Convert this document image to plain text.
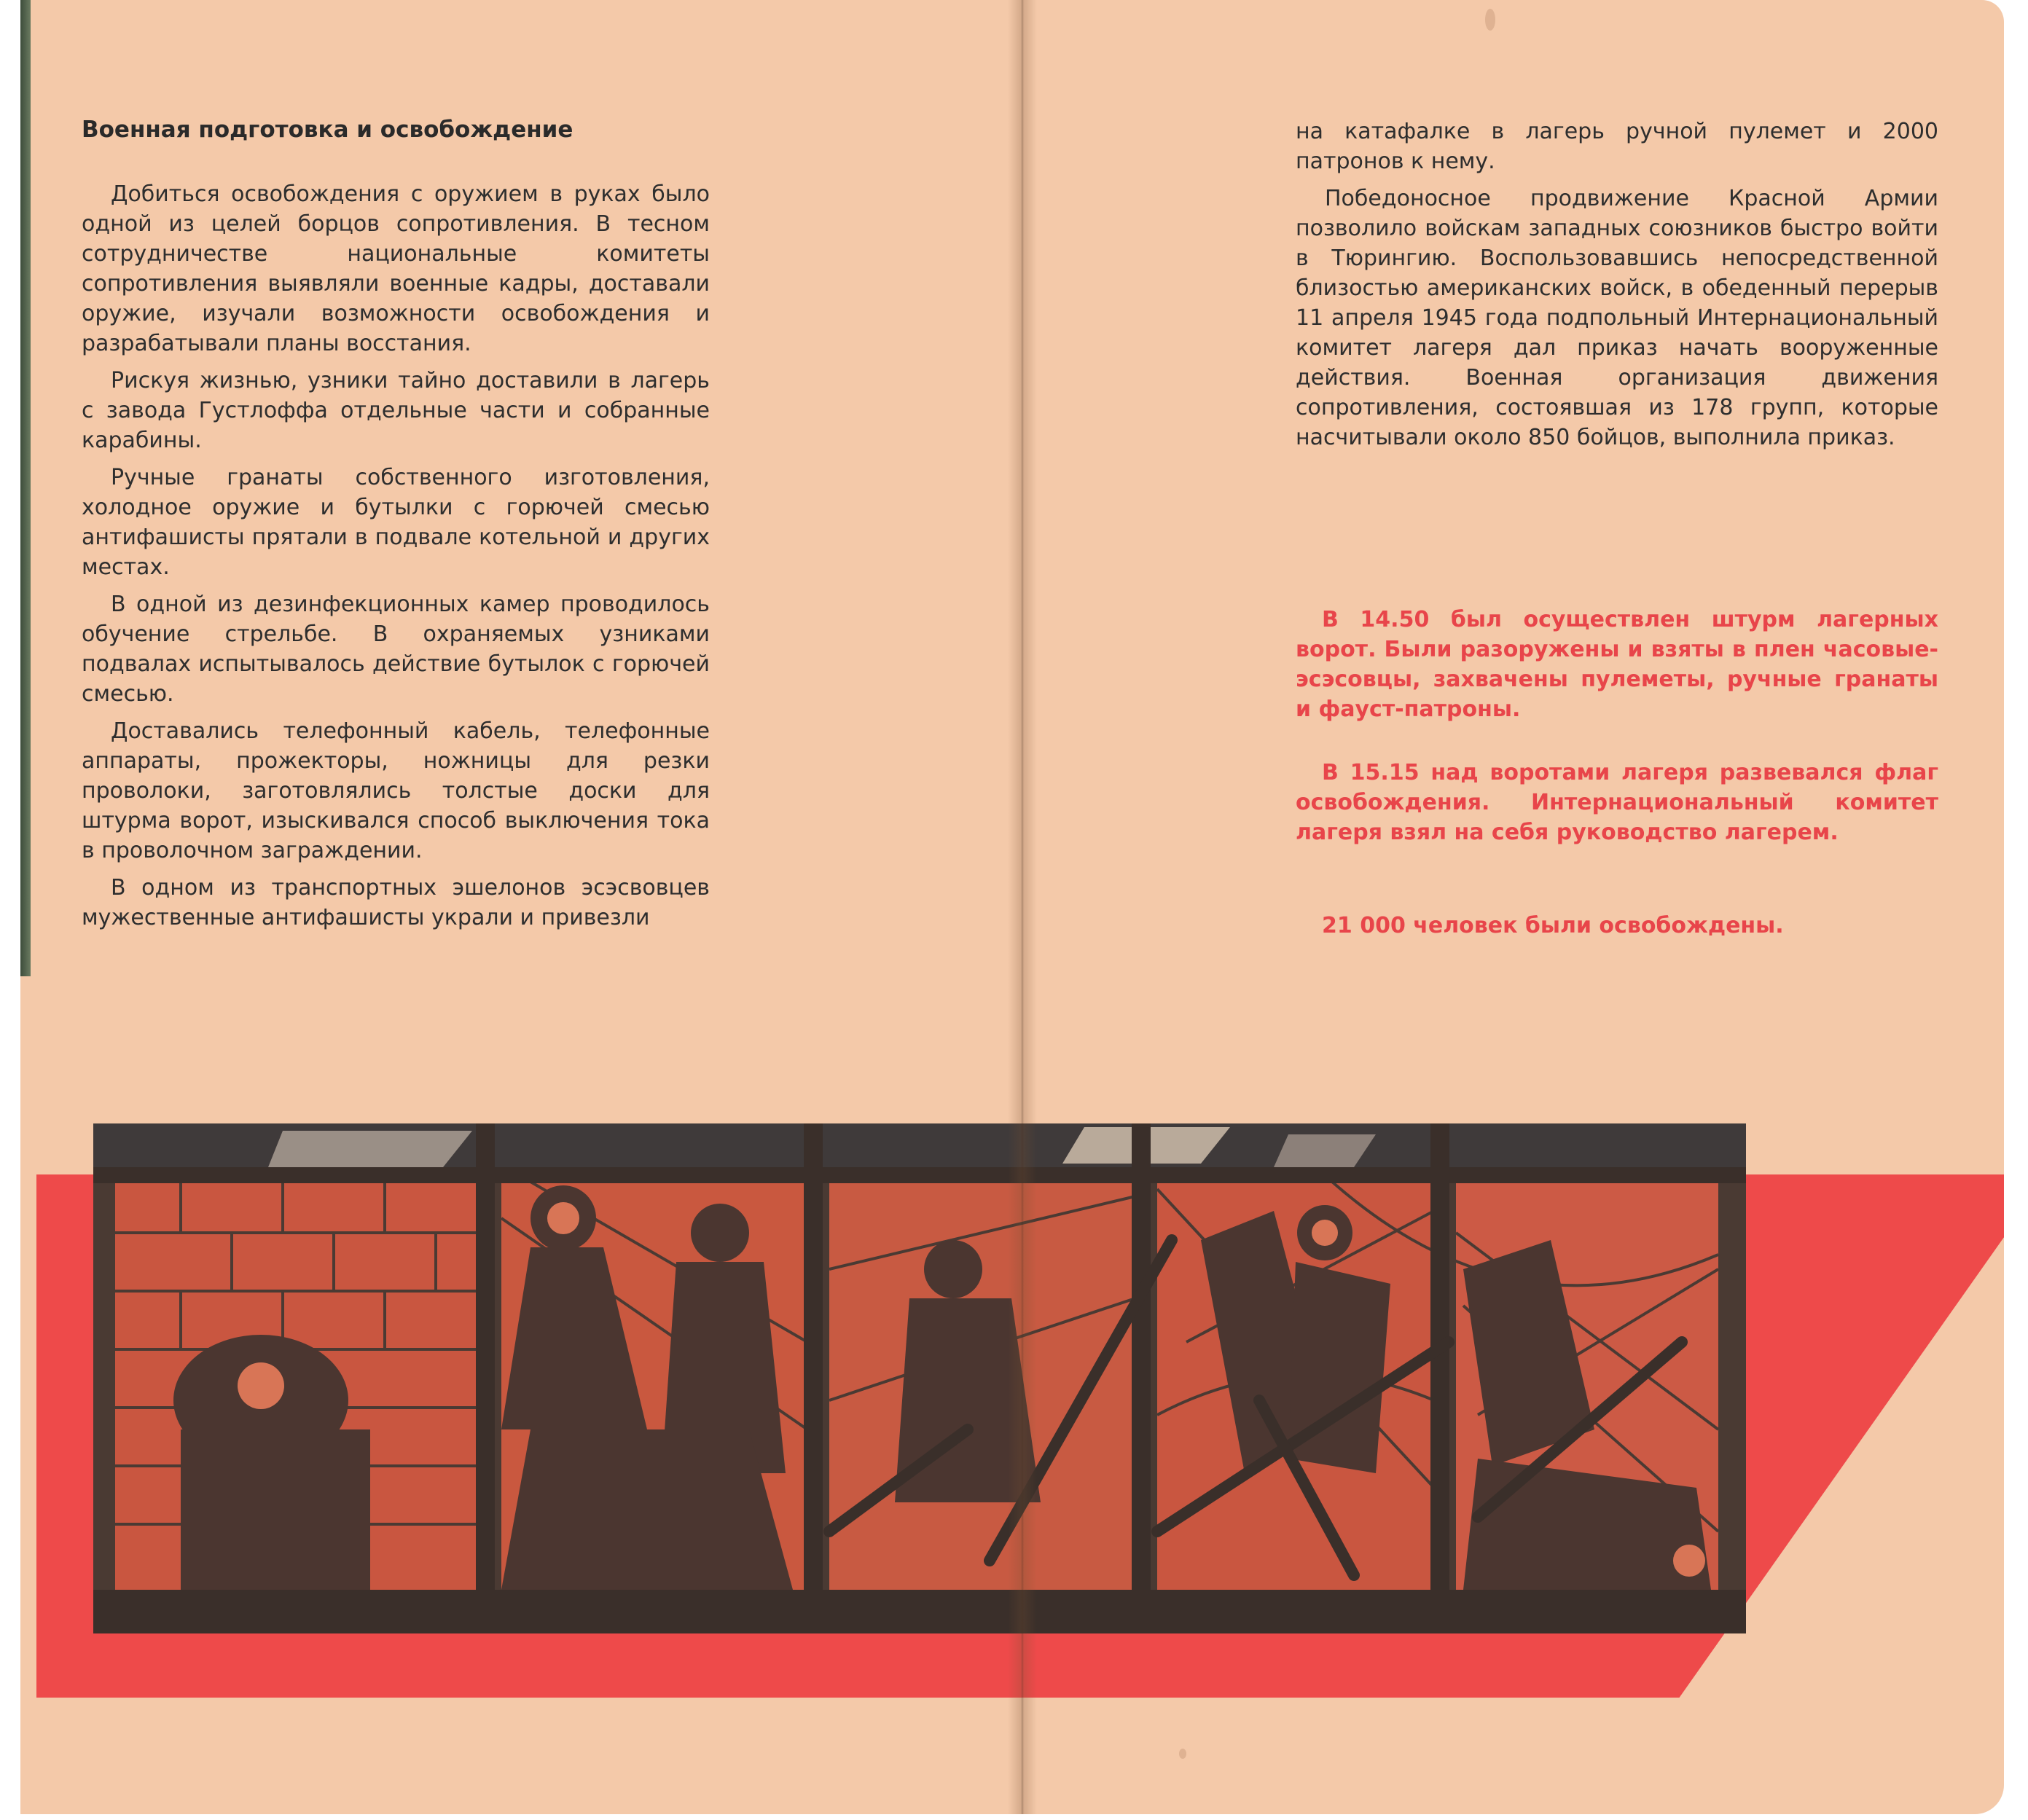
Военная подготовка и освобождение

Добиться освобождения с оружием в руках было одной из целей борцов сопротивления. В тесном сотрудничестве национальные комитеты сопротивления выявляли военные кадры, доставали оружие, изучали возможности освобождения и разрабатывали планы восстания.

Рискуя жизнью, узники тайно доставили в лагерь с завода Густлоффа отдельные части и собранные карабины.

Ручные гранаты собственного изготовления, холодное оружие и бутылки с горючей смесью антифашисты прятали в подвале котельной и других местах.

В одной из дезинфекционных камер проводилось обучение стрельбе. В охраняемых узниками подвалах испытывалось действие бутылок с горючей смесью.

Доставались телефонный кабель, телефонные аппараты, прожекторы, ножницы для резки проволоки, заготовлялись толстые доски для штурма ворот, изыскивался способ выключения тока в проволочном заграждении.

В одном из транспортных эшелонов эсэсвовцев мужественные антифашисты украли и привезли

на катафалке в лагерь ручной пулемет и 2000 патронов к нему.

Победоносное продвижение Красной Армии позволило войскам западных союзников быстро войти в Тюрингию. Воспользовавшись непосредственной близостью американских войск, в обеденный перерыв 11 апреля 1945 года подпольный Интернациональный комитет лагеря дал приказ начать вооруженные действия. Военная организация движения сопротивления, состоявшая из 178 групп, которые насчитывали около 850 бойцов, выполнила приказ.

В 14.50 был осуществлен штурм лагерных ворот. Были разоружены и взяты в плен часовые-эсэсовцы, захвачены пулеметы, ручные гранаты и фауст-патроны.

В 15.15 над воротами лагеря развевался флаг освобождения. Интернациональный комитет лагеря взял на себя руководство лагерем.

21 000 человек были освобождены.
